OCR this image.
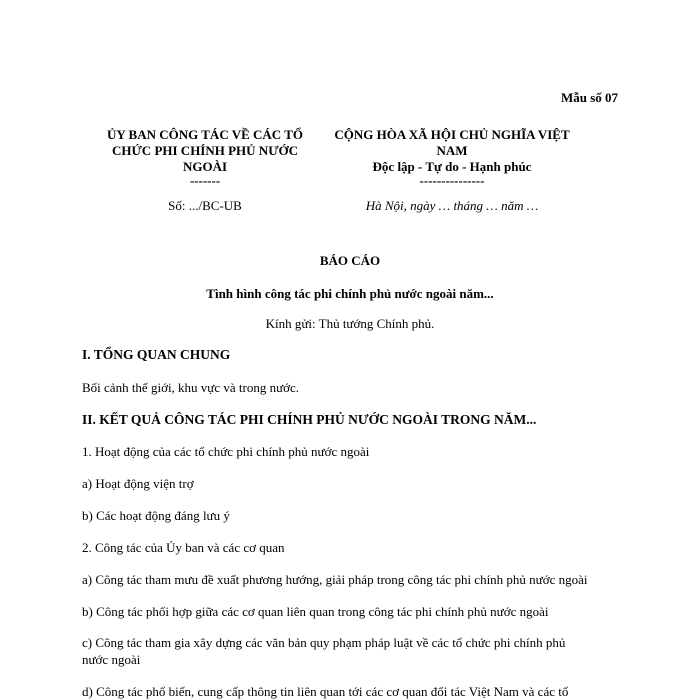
Mẫu số 07
ỦY BAN CÔNG TÁC VỀ CÁC TỔ
CHỨC PHI CHÍNH PHỦ NƯỚC
NGOÀI
-------
CỘNG HÒA XÃ HỘI CHỦ NGHĨA VIỆT
NAM
Độc lập - Tự do - Hạnh phúc
---------------
Số: .../BC-UB	Hà Nội, ngày … tháng … năm …
BÁO CÁO
Tình hình công tác phi chính phủ nước ngoài năm...
Kính gửi: Thủ tướng Chính phủ.
I. TỔNG QUAN CHUNG
Bối cảnh thế giới, khu vực và trong nước.
II. KẾT QUẢ CÔNG TÁC PHI CHÍNH PHỦ NƯỚC NGOÀI TRONG NĂM...
1. Hoạt động của các tổ chức phi chính phủ nước ngoài
a) Hoạt động viện trợ
b) Các hoạt động đáng lưu ý
2. Công tác của Ủy ban và các cơ quan
a) Công tác tham mưu đề xuất phương hướng, giải pháp trong công tác phi chính phủ nước ngoài
b) Công tác phối hợp giữa các cơ quan liên quan trong công tác phi chính phủ nước ngoài
c) Công tác tham gia xây dựng các văn bản quy phạm pháp luật về các tổ chức phi chính phủ
nước ngoài
d) Công tác phổ biến, cung cấp thông tin liên quan tới các cơ quan đối tác Việt Nam và các tổ
